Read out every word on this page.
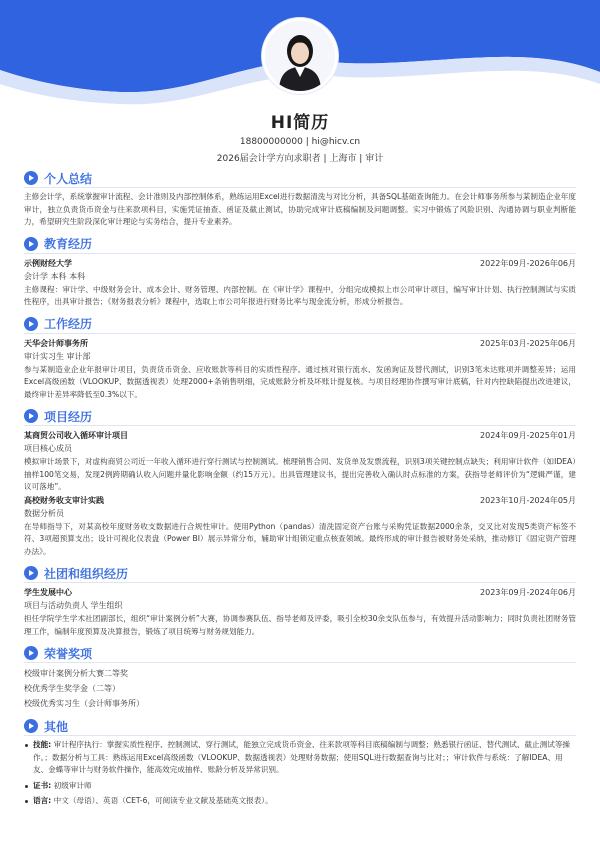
HI简历
18800000000 | hi@hicv.cn
2026届会计学方向求职者 | 上海市 | 审计
个人总结
主修会计学，系统掌握审计流程、会计准则及内部控制体系，熟练运用Excel进行数据清洗与对比分析，具备SQL基础查询能力。在会计师事务所参与某制造企业年度审计，独立负责货币资金与往来款项科目，实施凭证抽查、函证及截止测试，协助完成审计底稿编制及问题调整。实习中锻炼了风险识别、沟通协调与职业判断能力，希望研究生阶段深化审计理论与实务结合，提升专业素养。
教育经历
示例财经大学	2022年09月-2026年06月
会计学 本科 本科
主修课程：审计学、中级财务会计、成本会计、财务管理、内部控制。在《审计学》课程中，分组完成模拟上市公司审计项目，编写审计计划、执行控制测试与实质性程序，出具审计报告；《财务报表分析》课程中，选取上市公司年报进行财务比率与现金流分析，形成分析报告。
工作经历
天华会计师事务所	2025年03月-2025年06月
审计实习生 审计部
参与某制造业企业年报审计项目，负责货币资金、应收账款等科目的实质性程序。通过核对银行流水、发函询证及替代测试，识别3笔未达账项并调整差异；运用Excel高级函数（VLOOKUP、数据透视表）处理2000+条销售明细，完成账龄分析及坏账计提复核。与项目经理协作撰写审计底稿，针对内控缺陷提出改进建议，最终审计差异率降低至0.3%以下。
项目经历
某商贸公司收入循环审计项目	2024年09月-2025年01月
项目核心成员
模拟审计场景下，对虚构商贸公司近一年收入循环进行穿行测试与控制测试。梳理销售合同、发货单及发票流程，识别3项关键控制点缺失；利用审计软件（如IDEA）抽样100笔交易，发现2例跨期确认收入问题并量化影响金额（约15万元）。出具管理建议书，提出完善收入确认时点标准的方案，获指导老师评价为“逻辑严谨，建议可落地”。
高校财务收支审计实践	2023年10月-2024年05月
数据分析员
在导师指导下，对某高校年度财务收支数据进行合规性审计。使用Python（pandas）清洗固定资产台账与采购凭证数据2000余条，交叉比对发现5类资产标签不符、3项超预算支出；设计可视化仪表盘（Power BI）展示异常分布，辅助审计组锁定重点核查领域。最终形成的审计报告被财务处采纳，推动修订《固定资产管理办法》。
社团和组织经历
学生发展中心	2023年09月-2024年06月
项目与活动负责人 学生组织
担任学院学生学术社团副部长，组织“审计案例分析”大赛，协调参赛队伍、指导老师及评委，吸引全校30余支队伍参与，有效提升活动影响力；同时负责社团财务管理工作，编制年度预算及决算报告，锻炼了项目统筹与财务规划能力。
荣誉奖项
校级审计案例分析大赛二等奖
校优秀学生奖学金（二等）
校级优秀实习生（会计师事务所）
其他
技能: 审计程序执行：掌握实质性程序、控制测试、穿行测试，能独立完成货币资金、往来款项等科目底稿编制与调整；熟悉银行函证、替代测试、截止测试等操作。；数据分析与工具：熟练运用Excel高级函数（VLOOKUP、数据透视表）处理财务数据；使用SQL进行数据查询与比对；；审计软件与系统：了解IDEA、用友、金蝶等审计与财务软件操作，能高效完成抽样、账龄分析及异常识别。
证书: 初级审计师
语言: 中文（母语）、英语（CET-6，可阅读专业文献及基础英文报表）。
